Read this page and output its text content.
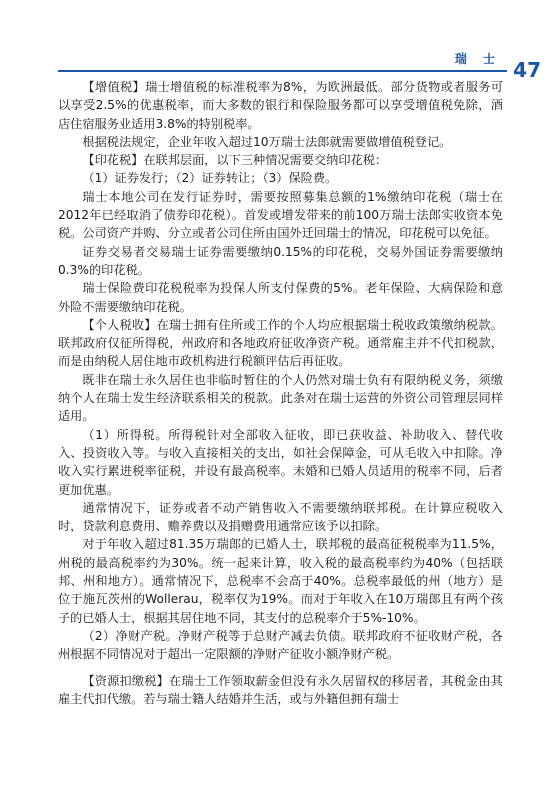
瑞 士 47

【增值税】瑞士增值税的标准税率为8%，为欧洲最低。部分货物或者服务可以享受2.5%的优惠税率，而大多数的银行和保险服务都可以享受增值税免除，酒店住宿服务业适用3.8%的特别税率。

根据税法规定，企业年收入超过10万瑞士法郎就需要做增值税登记。

【印花税】在联邦层面，以下三种情况需要交纳印花税：

（1）证券发行；（2）证券转让；（3）保险费。

瑞士本地公司在发行证券时，需要按照募集总额的1%缴纳印花税（瑞士在2012年已经取消了债券印花税）。首发或增发带来的前100万瑞士法郎实收资本免税。公司资产并购、分立或者公司住所由国外迁回瑞士的情况，印花税可以免征。

证券交易者交易瑞士证券需要缴纳0.15%的印花税，交易外国证券需要缴纳0.3%的印花税。

瑞士保险费印花税税率为投保人所支付保费的5%。老年保险、大病保险和意外险不需要缴纳印花税。

【个人税收】在瑞士拥有住所或工作的个人均应根据瑞士税收政策缴纳税款。联邦政府仅征所得税，州政府和各地政府征收净资产税。通常雇主并不代扣税款，而是由纳税人居住地市政机构进行税额评估后再征收。

既非在瑞士永久居住也非临时暂住的个人仍然对瑞士负有有限纳税义务，须缴纳个人在瑞士发生经济联系相关的税款。此条对在瑞士运营的外资公司管理层同样适用。

（1）所得税。所得税针对全部收入征收，即已获收益、补助收入、替代收入、投资收入等。与收入直接相关的支出，如社会保障金，可从毛收入中扣除。净收入实行累进税率征税，并设有最高税率。未婚和已婚人员适用的税率不同，后者更加优惠。

通常情况下，证券或者不动产销售收入不需要缴纳联邦税。在计算应税收入时，贷款利息费用、赡养费以及捐赠费用通常应该予以扣除。

对于年收入超过81.35万瑞郎的已婚人士，联邦税的最高征税税率为11.5%，州税的最高税率约为30%。统一起来计算，收入税的最高税率约为40%（包括联邦、州和地方）。通常情况下，总税率不会高于40%。总税率最低的州（地方）是位于施瓦茨州的Wollerau，税率仅为19%。而对于年收入在10万瑞郎且有两个孩子的已婚人士，根据其居住地不同，其支付的总税率介于5%-10%。

（2）净财产税。净财产税等于总财产减去负债。联邦政府不征收财产税，各州根据不同情况对于超出一定限额的净财产征收小额净财产税。

【资源扣缴税】在瑞士工作领取薪金但没有永久居留权的移居者，其税金由其雇主代扣代缴。若与瑞士籍人结婚并生活，或与外籍但拥有瑞士
